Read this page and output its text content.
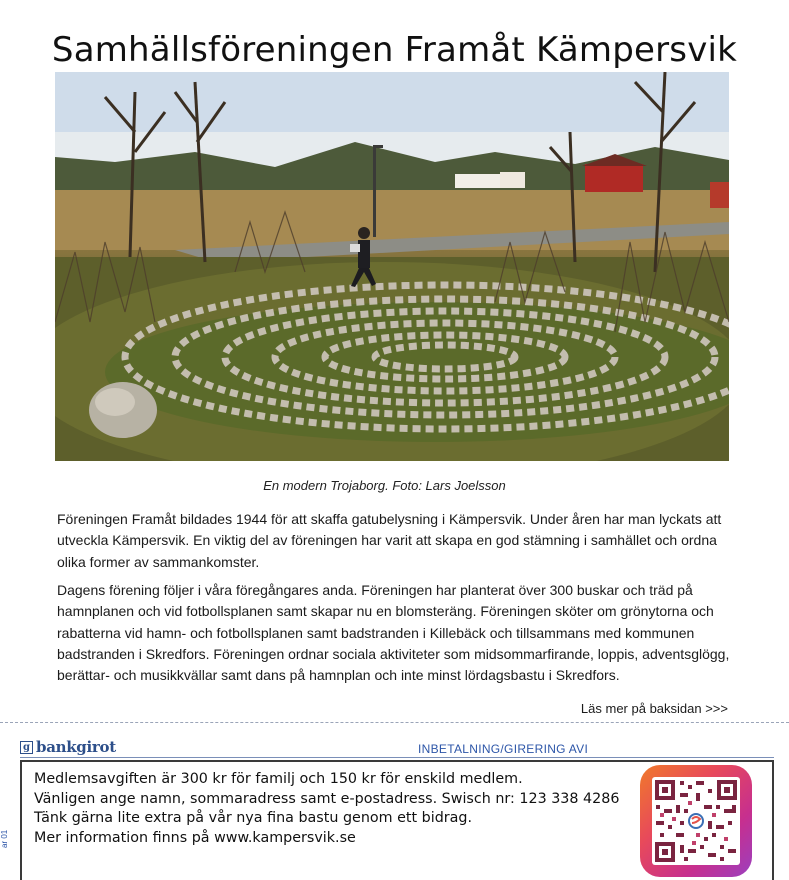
Samhällsföreningen Framåt Kämpersvik
En modern Trojaborg. Foto: Lars Joelsson

Föreningen Framåt bildades 1944 för att skaffa gatubelysning i Kämpersvik. Under åren har man lyckats att utveckla Kämpersvik. En viktig del av föreningen har varit att skapa en god stämning i samhället och ordna olika former av sammankomster.

Dagens förening följer i våra föregångares anda. Föreningen har planterat över 300 buskar och träd på hamnplanen och vid fotbollsplanen samt skapar nu en blomsteräng. Föreningen sköter om grönytorna och rabatterna vid hamn- och fotbollsplanen samt badstranden i Killebäck och tillsammans med kommunen badstranden i Skredfors. Föreningen ordnar sociala aktiviteter som midsommarfirande, loppis, adventsglögg, berättar- och musikkvällar samt dans på hamnplan och inte minst lördagsbastu i Skredfors.

Läs mer på baksidan >>>
g bankgirot	INBETALNING/GIRERING AVI
ar 01
Medlemsavgiften är 300 kr för familj och 150 kr för enskild medlem.
Vänligen ange namn, sommaradress samt e-postadress. Swisch nr: 123 338 4286
Tänk gärna lite extra på vår nya fina bastu genom ett bidrag.
Mer information finns på www.kampersvik.se
